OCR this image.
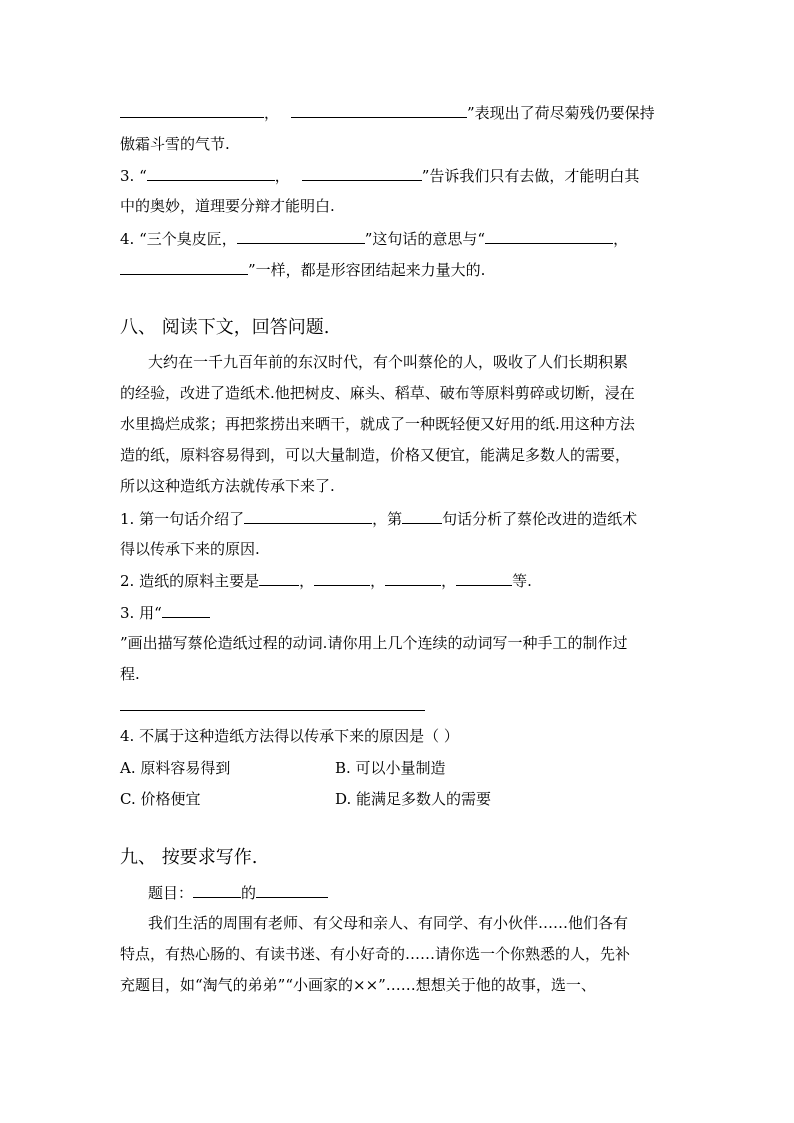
，	”表现出了荷尽菊残仍要保持
傲霜斗雪的气节.
3. “	，	”告诉我们只有去做，才能明白其
中的奥妙，道理要分辩才能明白.
4. “三个臭皮匠，	”这句话的意思与“	，
”一样，都是形容团结起来力量大的.
八、 阅读下文，回答问题.
大约在一千九百年前的东汉时代，有个叫蔡伦的人，吸收了人们长期积累
的经验，改进了造纸术.他把树皮、麻头、稻草、破布等原料剪碎或切断，浸在
水里捣烂成浆；再把浆捞出来晒干，就成了一种既轻便又好用的纸.用这种方法
造的纸，原料容易得到，可以大量制造，价格又便宜，能满足多数人的需要，
所以这种造纸方法就传承下来了.
1. 第一句话介绍了	，第	句话分析了蔡伦改进的造纸术
得以传承下来的原因.
2. 造纸的原料主要是	，	，	，	等.
3. 用“
”画出描写蔡伦造纸过程的动词.请你用上几个连续的动词写一种手工的制作过
程.
4. 不属于这种造纸方法得以传承下来的原因是（ ）
A. 原料容易得到	B. 可以小量制造
C. 价格便宜	D. 能满足多数人的需要
九、 按要求写作.
题目：	的
我们生活的周围有老师、有父母和亲人、有同学、有小伙伴……他们各有
特点，有热心肠的、有读书迷、有小好奇的……请你选一个你熟悉的人，先补
充题目，如“淘气的弟弟”“小画家的××”……想想关于他的故事，选一、
